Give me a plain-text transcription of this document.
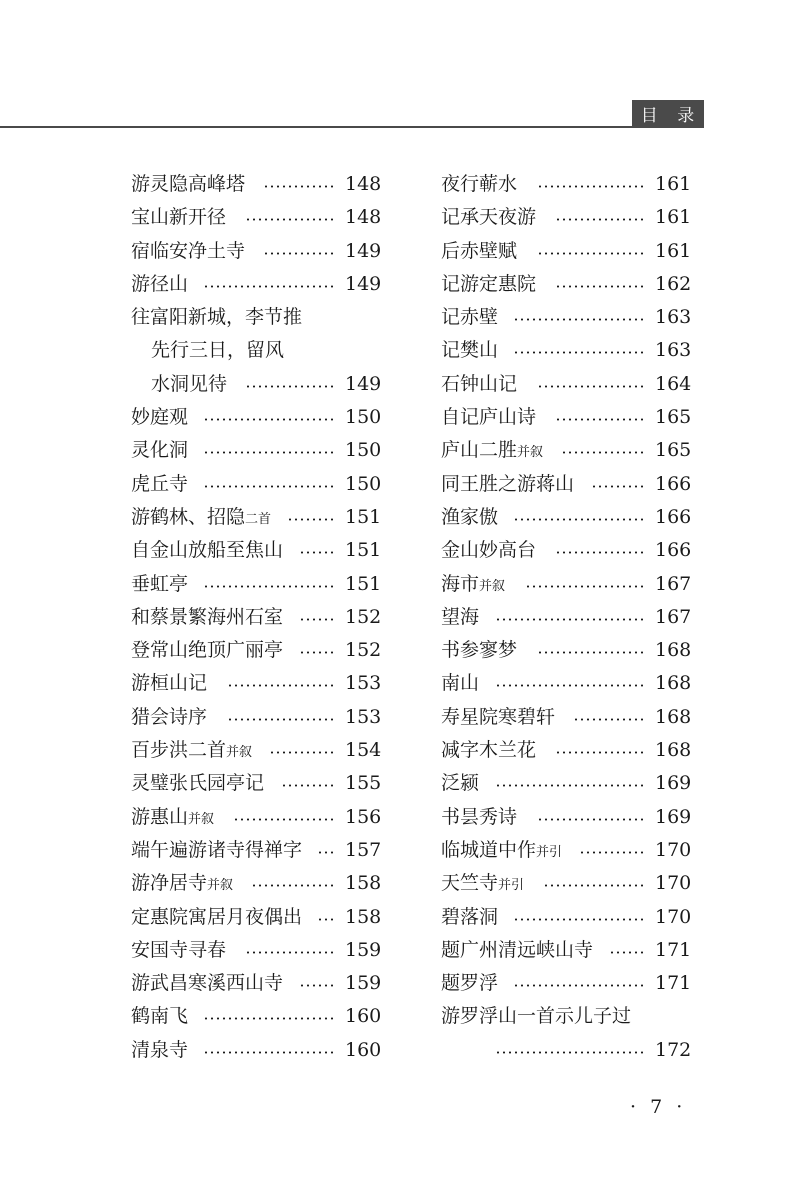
目 录
游灵隐高峰塔	148
宝山新开径	148
宿临安净土寺	149
游径山	149
往富阳新城，李节推
先行三日，留风
水洞见待	149
妙庭观	150
灵化洞	150
虎丘寺	150
游鹤林、招隐二首	151
自金山放船至焦山	151
垂虹亭	151
和蔡景繁海州石室	152
登常山绝顶广丽亭	152
游桓山记	153
猎会诗序	153
百步洪二首并叙	154
灵璧张氏园亭记	155
游惠山并叙	156
端午遍游诸寺得禅字 157
游净居寺并叙	158
定惠院寓居月夜偶出 158
安国寺寻春	159
游武昌寒溪西山寺	159
鹤南飞	160
清泉寺	160
夜行蕲水	161
记承天夜游	161
后赤壁赋	161
记游定惠院	162
记赤壁	163
记樊山	163
石钟山记	164
自记庐山诗	165
庐山二胜并叙	165
同王胜之游蒋山	166
渔家傲	166
金山妙高台	166
海市并叙	167
望海	167
书参寥梦	168
南山	168
寿星院寒碧轩	168
减字木兰花	168
泛颍	169
书昙秀诗	169
临城道中作并引	170
天竺寺并引	170
碧落洞	170
题广州清远峡山寺	171
题罗浮	171
游罗浮山一首示儿子过
172
· 7 ·
